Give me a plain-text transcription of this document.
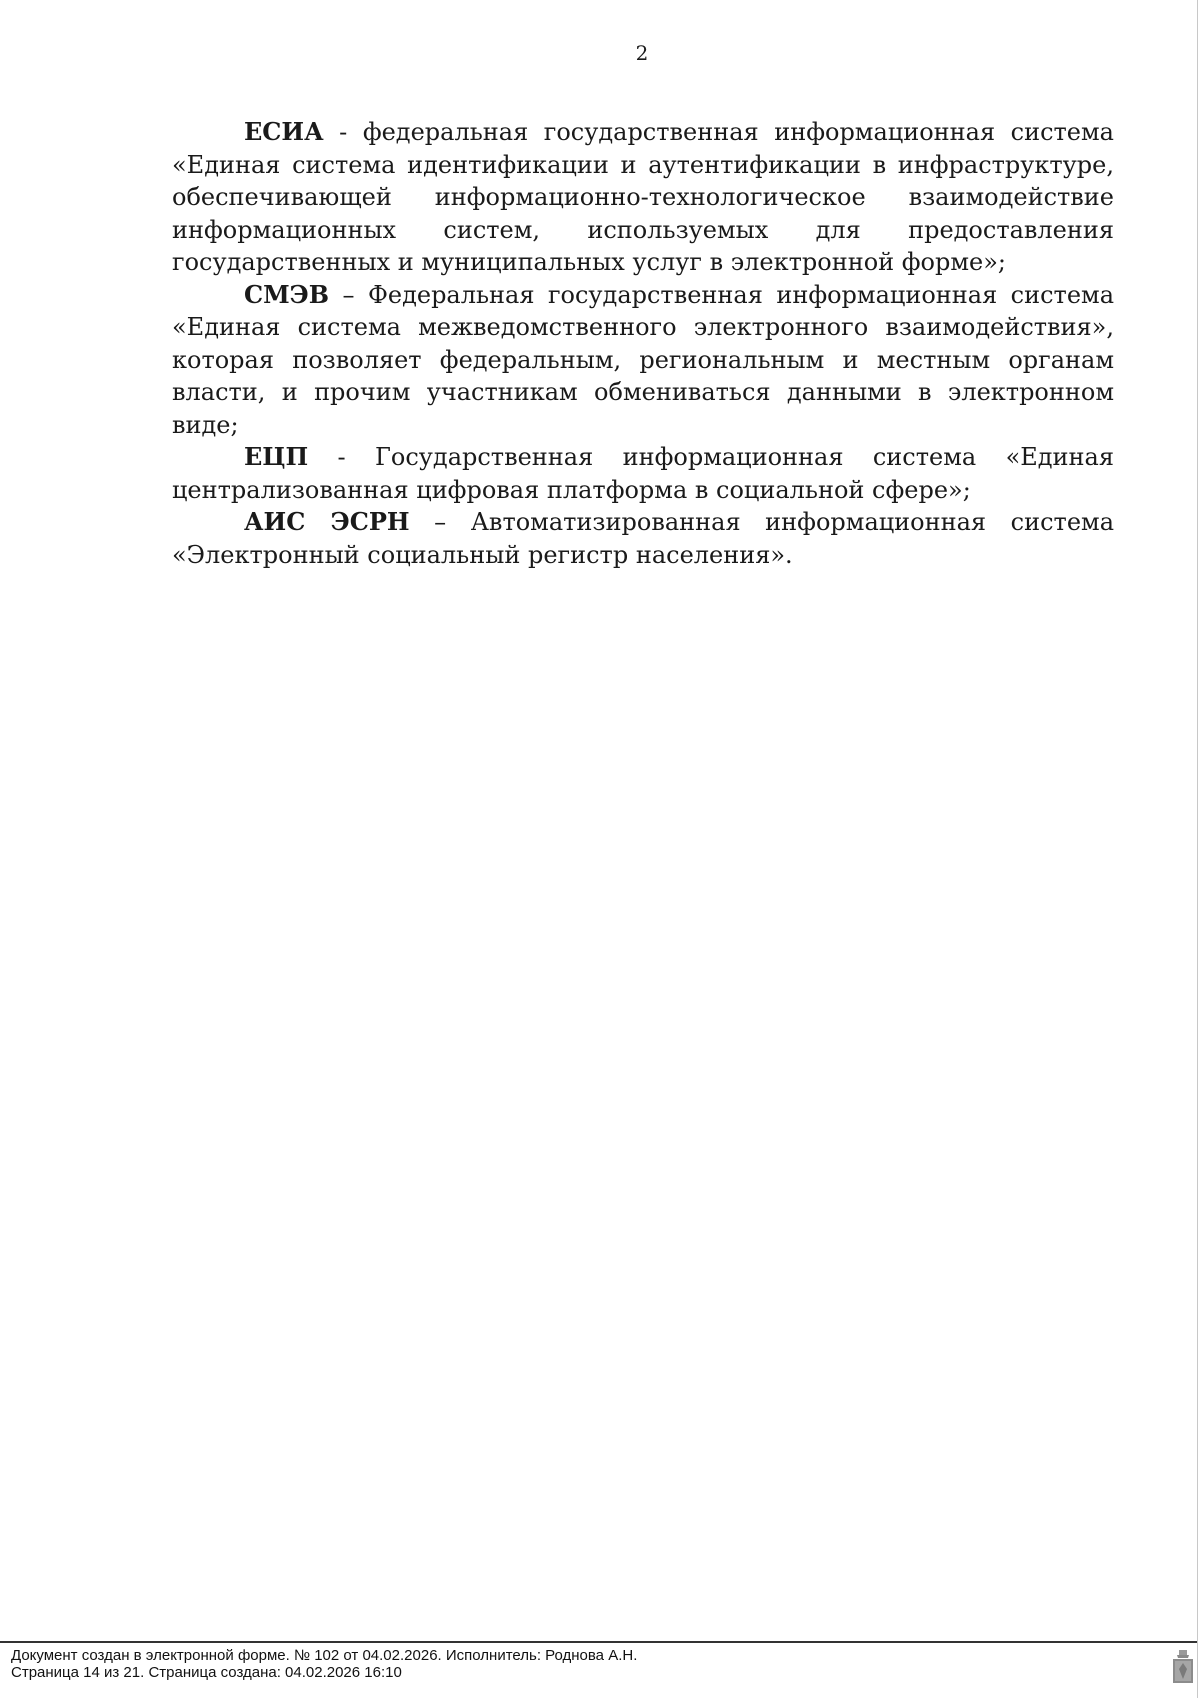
2

ЕСИА - федеральная государственная информационная система «Единая система идентификации и аутентификации в инфраструктуре, обеспечивающей информационно-технологическое взаимодействие информационных систем, используемых для предоставления государственных и муниципальных услуг в электронной форме»;

СМЭВ – Федеральная государственная информационная система «Единая система межведомственного электронного взаимодействия», которая позволяет федеральным, региональным и местным органам власти, и прочим участникам обмениваться данными в электронном виде;

ЕЦП - Государственная информационная система «Единая централизованная цифровая платформа в социальной сфере»;

АИС ЭСРН – Автоматизированная информационная система «Электронный социальный регистр населения».

Документ создан в электронной форме. № 102 от 04.02.2026. Исполнитель: Роднова А.Н.
Страница 14 из 21. Страница создана: 04.02.2026 16:10
